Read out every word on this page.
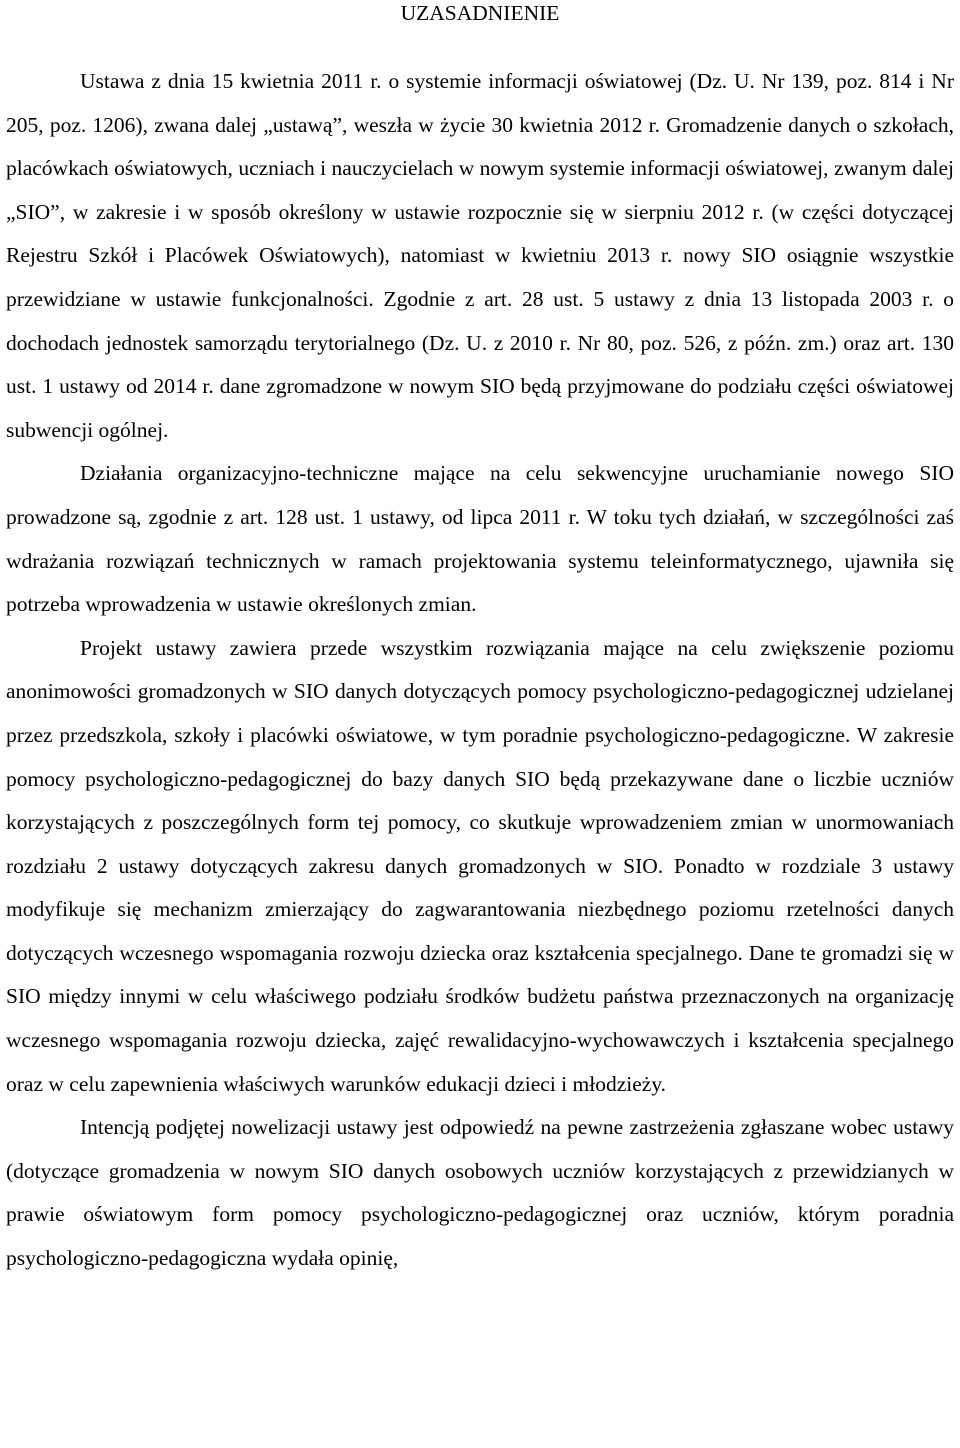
UZASADNIENIE

Ustawa z dnia 15 kwietnia 2011 r. o systemie informacji oświatowej (Dz. U. Nr 139, poz. 814 i Nr 205, poz. 1206), zwana dalej „ustawą”, weszła w życie 30 kwietnia 2012 r. Gromadzenie danych o szkołach, placówkach oświatowych, uczniach i nauczycielach w nowym systemie informacji oświatowej, zwanym dalej „SIO”, w zakresie i w sposób określony w ustawie rozpocznie się w sierpniu 2012 r. (w części dotyczącej Rejestru Szkół i Placówek Oświatowych), natomiast w kwietniu 2013 r. nowy SIO osiągnie wszystkie przewidziane w ustawie funkcjonalności. Zgodnie z art. 28 ust. 5 ustawy z dnia 13 listopada 2003 r. o dochodach jednostek samorządu terytorialnego (Dz. U. z 2010 r. Nr 80, poz. 526, z późn. zm.) oraz art. 130 ust. 1 ustawy od 2014 r. dane zgromadzone w nowym SIO będą przyjmowane do podziału części oświatowej subwencji ogólnej.

Działania organizacyjno-techniczne mające na celu sekwencyjne uruchamianie nowego SIO prowadzone są, zgodnie z art. 128 ust. 1 ustawy, od lipca 2011 r. W toku tych działań, w szczególności zaś wdrażania rozwiązań technicznych w ramach projektowania systemu teleinformatycznego, ujawniła się potrzeba wprowadzenia w ustawie określonych zmian.

Projekt ustawy zawiera przede wszystkim rozwiązania mające na celu zwiększenie poziomu anonimowości gromadzonych w SIO danych dotyczących pomocy psychologiczno-pedagogicznej udzielanej przez przedszkola, szkoły i placówki oświatowe, w tym poradnie psychologiczno-pedagogiczne. W zakresie pomocy psychologiczno-pedagogicznej do bazy danych SIO będą przekazywane dane o liczbie uczniów korzystających z poszczególnych form tej pomocy, co skutkuje wprowadzeniem zmian w unormowaniach rozdziału 2 ustawy dotyczących zakresu danych gromadzonych w SIO. Ponadto w rozdziale 3 ustawy modyfikuje się mechanizm zmierzający do zagwarantowania niezbędnego poziomu rzetelności danych dotyczących wczesnego wspomagania rozwoju dziecka oraz kształcenia specjalnego. Dane te gromadzi się w SIO między innymi w celu właściwego podziału środków budżetu państwa przeznaczonych na organizację wczesnego wspomagania rozwoju dziecka, zajęć rewalidacyjno-wychowawczych i kształcenia specjalnego oraz w celu zapewnienia właściwych warunków edukacji dzieci i młodzieży.

Intencją podjętej nowelizacji ustawy jest odpowiedź na pewne zastrzeżenia zgłaszane wobec ustawy (dotyczące gromadzenia w nowym SIO danych osobowych uczniów korzystających z przewidzianych w prawie oświatowym form pomocy psychologiczno-pedagogicznej oraz uczniów, którym poradnia psychologiczno-pedagogiczna wydała opinię,
